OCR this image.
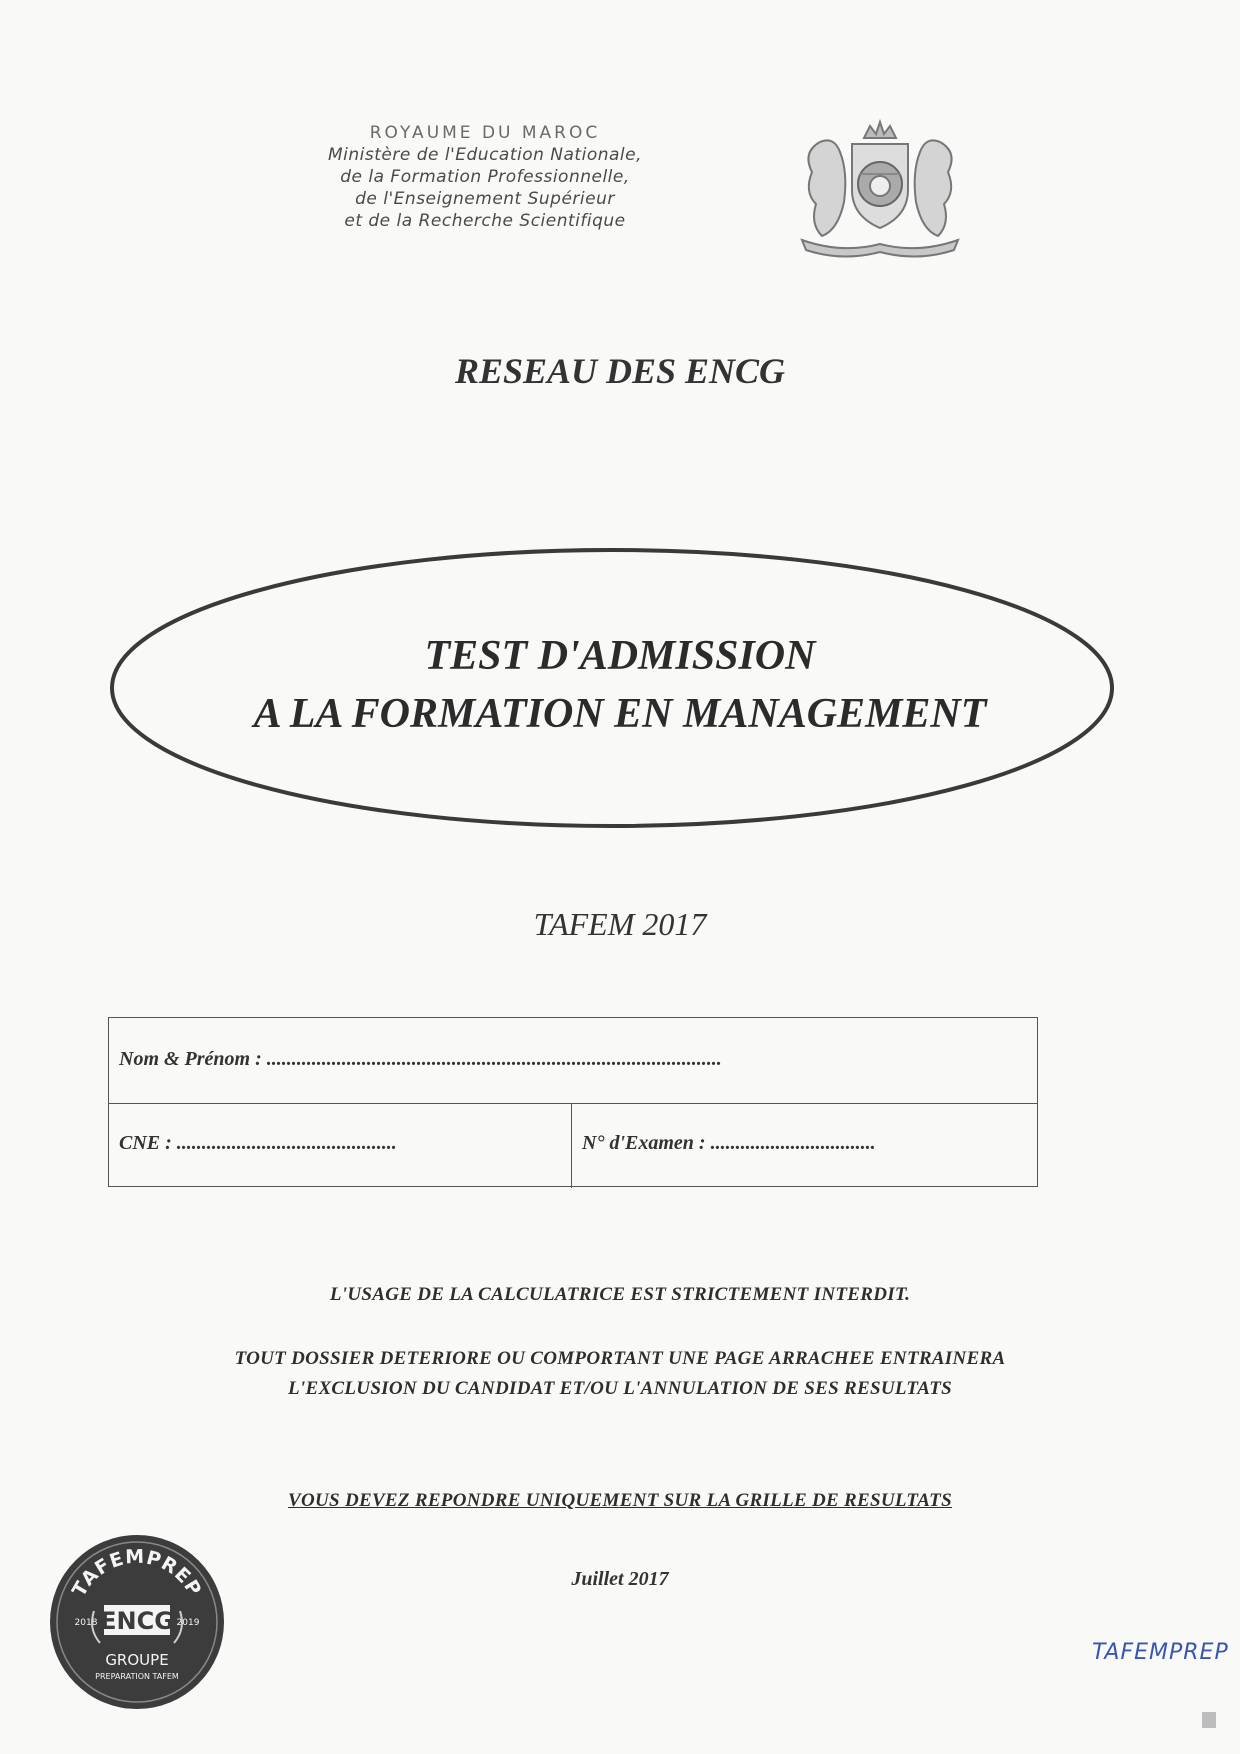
ROYAUME DU MAROC
Ministère de l'Education Nationale,
de la Formation Professionnelle,
de l'Enseignement Supérieur
et de la Recherche Scientifique
RESEAU DES ENCG
TEST D'ADMISSION
A LA FORMATION EN MANAGEMENT
TAFEM 2017
Nom & Prénom : ...........................................................................................
CNE : ............................................	N° d'Examen : .................................
L'USAGE DE LA CALCULATRICE EST STRICTEMENT INTERDIT.
TOUT DOSSIER DETERIORE OU COMPORTANT UNE PAGE ARRACHEE ENTRAINERA
L'EXCLUSION DU CANDIDAT ET/OU L'ANNULATION DE SES RESULTATS
VOUS DEVEZ REPONDRE UNIQUEMENT SUR LA GRILLE DE RESULTATS
Juillet 2017
TAFEMPREP
ENCG
2018	2019
GROUPE
PREPARATION TAFEM
TAFEMPREP
